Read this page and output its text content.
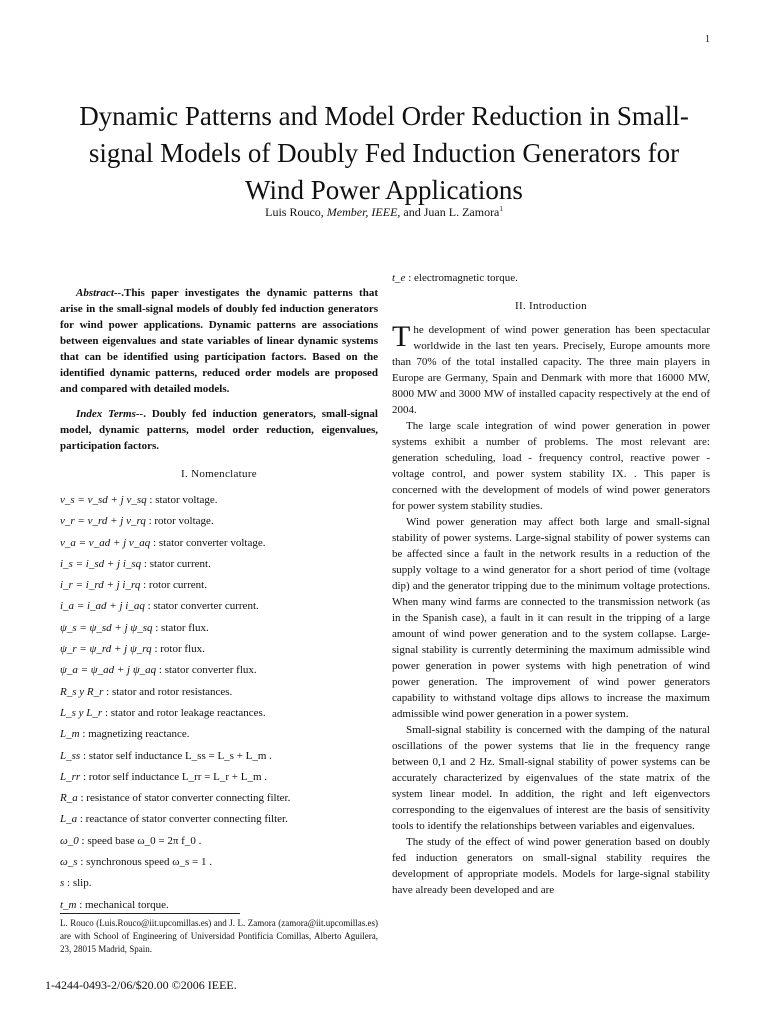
1
Dynamic Patterns and Model Order Reduction in Small-signal Models of Doubly Fed Induction Generators for Wind Power Applications
Luis Rouco, Member, IEEE, and Juan L. Zamora$^1$

Abstract--.This paper investigates the dynamic patterns that arise in the small-signal models of doubly fed induction generators for wind power applications. Dynamic patterns are associations between eigenvalues and state variables of linear dynamic systems that can be identified using participation factors. Based on the identified dynamic patterns, reduced order models are proposed and compared with detailed models.

Index Terms--. Doubly fed induction generators, small-signal model, dynamic patterns, model order reduction, eigenvalues, participation factors.

I. Nomenclature

v_s = v_sd + j v_sq : stator voltage.

v_r = v_rd + j v_rq : rotor voltage.

v_a = v_ad + j v_aq : stator converter voltage.

i_s = i_sd + j i_sq : stator current.

i_r = i_rd + j i_rq : rotor current.

i_a = i_ad + j i_aq : stator converter current.

ψ_s = ψ_sd + j ψ_sq : stator flux.

ψ_r = ψ_rd + j ψ_rq : rotor flux.

ψ_a = ψ_ad + j ψ_aq : stator converter flux.

R_s y R_r : stator and rotor resistances.

L_s y L_r : stator and rotor leakage reactances.

L_m : magnetizing reactance.

L_ss : stator self inductance L_ss = L_s + L_m .

L_rr : rotor self inductance L_rr = L_r + L_m .

R_a : resistance of stator converter connecting filter.

L_a : reactance of stator converter connecting filter.

ω_0 : speed base ω_0 = 2π f_0 .

ω_s : synchronous speed ω_s = 1 .

s : slip.

t_m : mechanical torque.

L. Rouco (Luis.Rouco@iit.upcomillas.es) and J. L. Zamora (zamora@iit.upcomillas.es) are with School of Engineering of Universidad Pontificia Comillas, Alberto Aguilera, 23, 28015 Madrid, Spain.
1-4244-0493-2/06/$20.00 ©2006 IEEE.

t_e : electromagnetic torque.

II. Introduction

The development of wind power generation has been spectacular worldwide in the last ten years. Precisely, Europe amounts more than 70% of the total installed capacity. The three main players in Europe are Germany, Spain and Denmark with more that 16000 MW, 8000 MW and 3000 MW of installed capacity respectively at the end of 2004.

The large scale integration of wind power generation in power systems exhibit a number of problems. The most relevant are: generation scheduling, load - frequency control, reactive power - voltage control, and power system stability IX. . This paper is concerned with the development of models of wind power generators for power system stability studies.

Wind power generation may affect both large and small-signal stability of power systems. Large-signal stability of power systems can be affected since a fault in the network results in a reduction of the supply voltage to a wind generator for a short period of time (voltage dip) and the generator tripping due to the minimum voltage protections. When many wind farms are connected to the transmission network (as in the Spanish case), a fault in it can result in the tripping of a large amount of wind power generation and to the system collapse. Large-signal stability is currently determining the maximum admissible wind power generation in power systems with high penetration of wind power generation. The improvement of wind power generators capability to withstand voltage dips allows to increase the maximum admissible wind power generation in a power system.

Small-signal stability is concerned with the damping of the natural oscillations of the power systems that lie in the frequency range between 0,1 and 2 Hz. Small-signal stability of power systems can be accurately characterized by eigenvalues of the state matrix of the system linear model. In addition, the right and left eigenvectors corresponding to the eigenvalues of interest are the basis of sensitivity tools to identify the relationships between variables and eigenvalues.

The study of the effect of wind power generation based on doubly fed induction generators on small-signal stability requires the development of appropriate models. Models for large-signal stability have already been developed and are
